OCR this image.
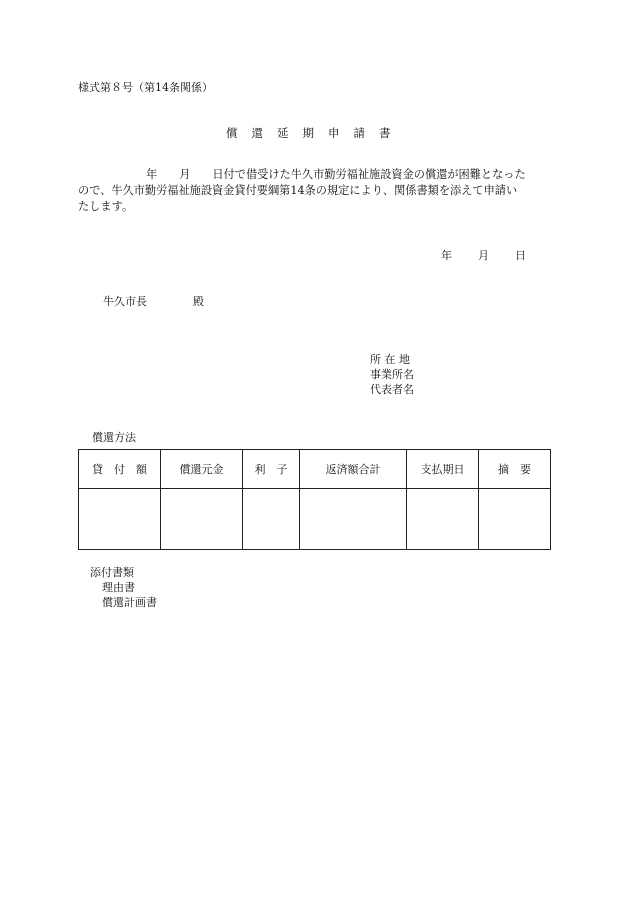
様式第８号（第14条関係）
償還延期申請書
年 月 日付で借受けた牛久市勤労福祉施設資金の償還が困難となった
ので、牛久市勤労福祉施設資金貸付要綱第14条の規定により、関係書類を添えて申請い
たします。
年 月 日
牛久市長	殿
所 在 地
事業所名
代表者名
償還方法
貸　付　額	償還元金	利　子	返済額合計	支払期日	摘　要

添付書類
理由書
償還計画書
